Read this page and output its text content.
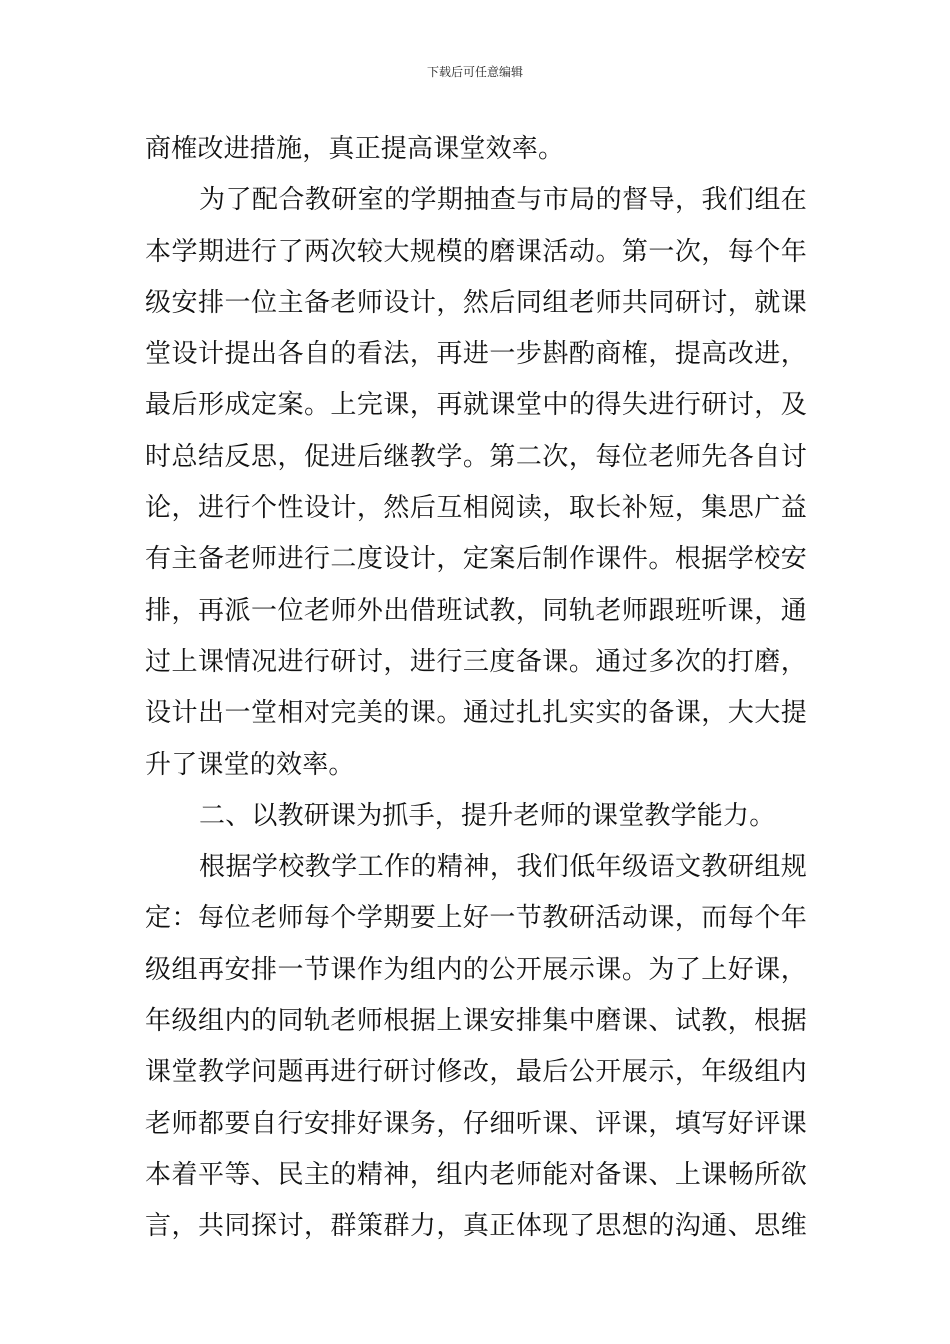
下载后可任意编辑
商榷改进措施，真正提高课堂效率。
为了配合教研室的学期抽查与市局的督导，我们组在
本学期进行了两次较大规模的磨课活动。第一次，每个年
级安排一位主备老师设计，然后同组老师共同研讨，就课
堂设计提出各自的看法，再进一步斟酌商榷，提高改进，
最后形成定案。上完课，再就课堂中的得失进行研讨，及
时总结反思，促进后继教学。第二次，每位老师先各自讨
论，进行个性设计，然后互相阅读，取长补短，集思广益
有主备老师进行二度设计，定案后制作课件。根据学校安
排，再派一位老师外出借班试教，同轨老师跟班听课，通
过上课情况进行研讨，进行三度备课。通过多次的打磨，
设计出一堂相对完美的课。通过扎扎实实的备课，大大提
升了课堂的效率。
二、以教研课为抓手，提升老师的课堂教学能力。
根据学校教学工作的精神，我们低年级语文教研组规
定：每位老师每个学期要上好一节教研活动课，而每个年
级组再安排一节课作为组内的公开展示课。为了上好课，
年级组内的同轨老师根据上课安排集中磨课、试教，根据
课堂教学问题再进行研讨修改，最后公开展示，年级组内
老师都要自行安排好课务，仔细听课、评课，填写好评课
本着平等、民主的精神，组内老师能对备课、上课畅所欲
言，共同探讨，群策群力，真正体现了思想的沟通、思维
